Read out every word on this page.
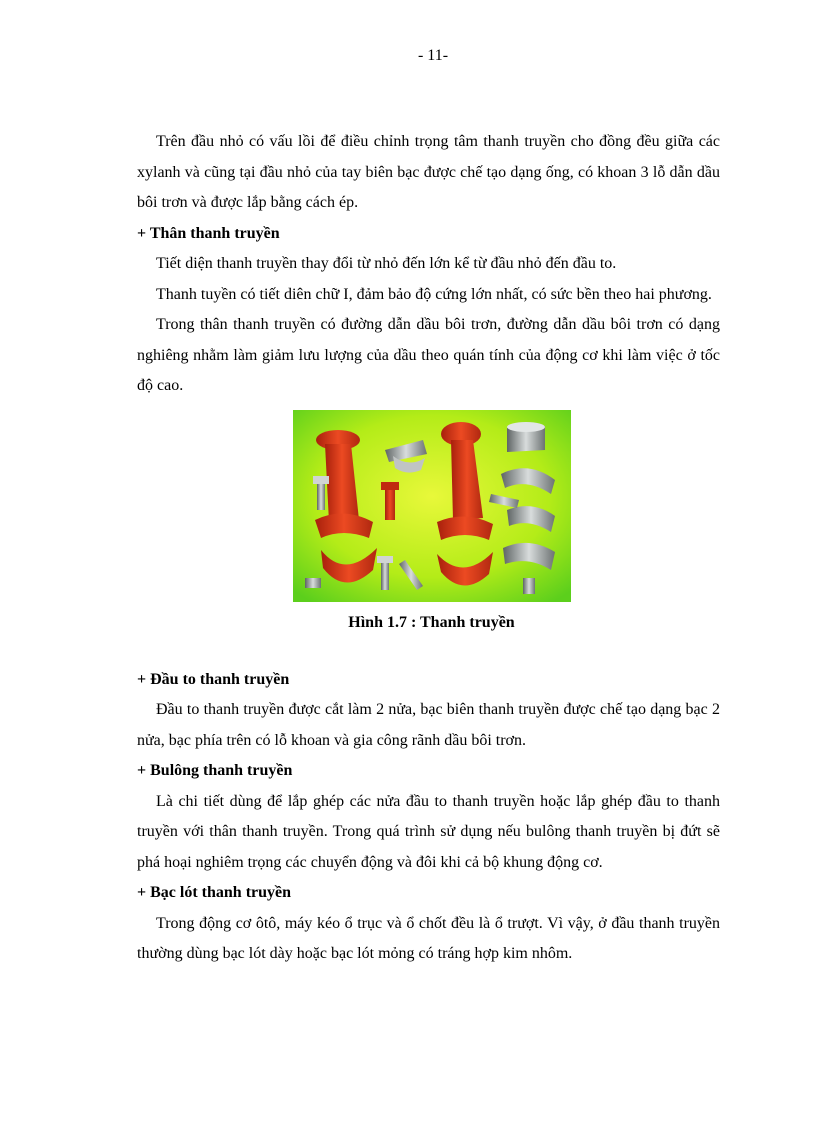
- 11-

Trên đầu nhỏ có vấu lồi để điều chỉnh trọng tâm thanh truyền cho đồng đều giữa các xylanh và cũng tại đầu nhỏ của tay biên bạc được chế tạo dạng ống, có khoan 3 lỗ dẫn dầu bôi trơn và được lắp bằng cách ép.

+ Thân thanh truyền

Tiết diện thanh truyền thay đổi từ nhỏ đến lớn kể từ đầu nhỏ đến đầu to.

Thanh tuyền có tiết diên chữ I, đảm bảo độ cứng lớn nhất, có sức bền theo hai phương.

Trong thân thanh truyền có đường dẫn dầu bôi trơn, đường dẫn dầu bôi trơn có dạng nghiêng nhằm làm giảm lưu lượng của dầu theo quán tính của động cơ khi làm việc ở tốc độ cao.

Hình 1.7 : Thanh truyền

+ Đầu to thanh truyền

Đầu to thanh truyền được cắt làm 2 nửa, bạc biên thanh truyền được chế tạo dạng bạc 2 nửa, bạc phía trên có lỗ khoan và gia công rãnh dầu bôi trơn.

+ Bulông thanh truyền

Là chi tiết dùng để lắp ghép các nửa đầu to thanh truyền hoặc lắp ghép đầu to thanh truyền với thân thanh truyền. Trong quá trình sử dụng nếu bulông thanh truyền bị đứt sẽ phá hoại nghiêm trọng các chuyển động và đôi khi cả bộ khung động cơ.

+ Bạc lót thanh truyền

Trong động cơ ôtô, máy kéo ổ trục và ổ chốt đều là ổ trượt. Vì vậy, ở đầu thanh truyền thường dùng bạc lót dày hoặc bạc lót mỏng có tráng hợp kim nhôm.
